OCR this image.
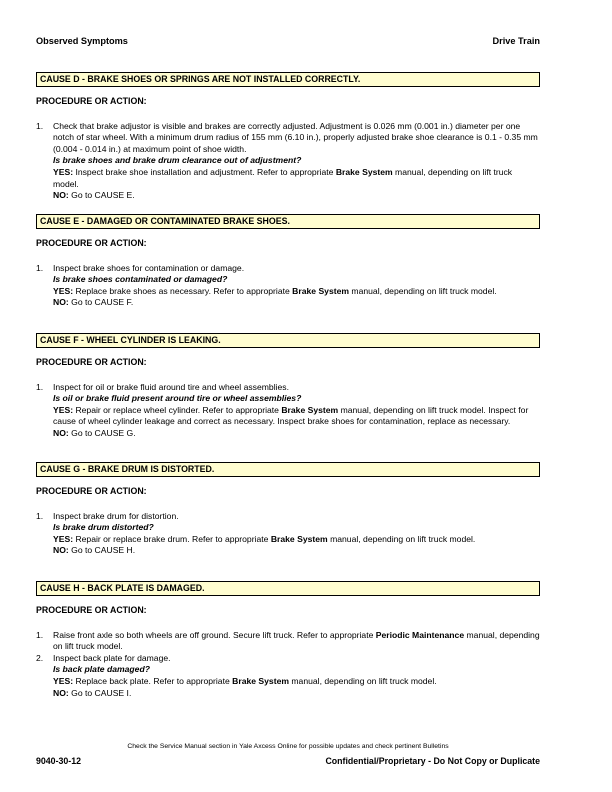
Observed Symptoms	Drive Train
CAUSE D - BRAKE SHOES OR SPRINGS ARE NOT INSTALLED CORRECTLY.
PROCEDURE OR ACTION:
1. Check that brake adjustor is visible and brakes are correctly adjusted. Adjustment is 0.026 mm (0.001 in.) diameter per one notch of star wheel. With a minimum drum radius of 155 mm (6.10 in.), properly adjusted brake shoe clearance is 0.1 - 0.35 mm (0.004 - 0.014 in.) at maximum point of shoe width.
Is brake shoes and brake drum clearance out of adjustment?
YES: Inspect brake shoe installation and adjustment. Refer to appropriate Brake System manual, depending on lift truck model.
NO: Go to CAUSE E.
CAUSE E - DAMAGED OR CONTAMINATED BRAKE SHOES.
PROCEDURE OR ACTION:
1. Inspect brake shoes for contamination or damage.
Is brake shoes contaminated or damaged?
YES: Replace brake shoes as necessary. Refer to appropriate Brake System manual, depending on lift truck model.
NO: Go to CAUSE F.
CAUSE F - WHEEL CYLINDER IS LEAKING.
PROCEDURE OR ACTION:
1. Inspect for oil or brake fluid around tire and wheel assemblies.
Is oil or brake fluid present around tire or wheel assemblies?
YES: Repair or replace wheel cylinder. Refer to appropriate Brake System manual, depending on lift truck model. Inspect for cause of wheel cylinder leakage and correct as necessary. Inspect brake shoes for contamination, replace as necessary.
NO: Go to CAUSE G.
CAUSE G - BRAKE DRUM IS DISTORTED.
PROCEDURE OR ACTION:
1. Inspect brake drum for distortion.
Is brake drum distorted?
YES: Repair or replace brake drum. Refer to appropriate Brake System manual, depending on lift truck model.
NO: Go to CAUSE H.
CAUSE H - BACK PLATE IS DAMAGED.
PROCEDURE OR ACTION:
1. Raise front axle so both wheels are off ground. Secure lift truck. Refer to appropriate Periodic Maintenance manual, depending on lift truck model.
2. Inspect back plate for damage.
Is back plate damaged?
YES: Replace back plate. Refer to appropriate Brake System manual, depending on lift truck model.
NO: Go to CAUSE I.
Check the Service Manual section in Yale Axcess Online for possible updates and check pertinent Bulletins
9040-30-12	Confidential/Proprietary - Do Not Copy or Duplicate
